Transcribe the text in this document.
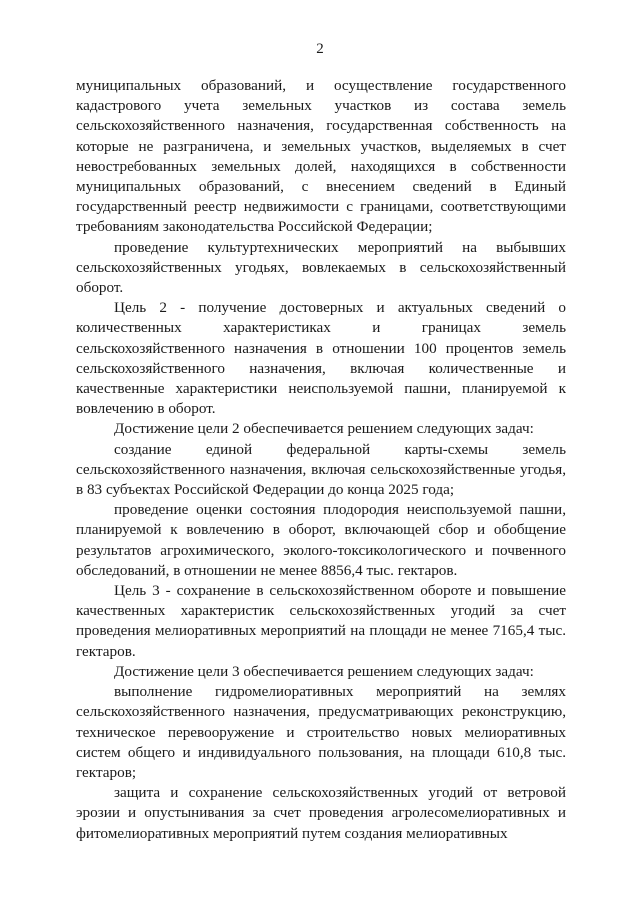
2

муниципальных образований, и осуществление государственного кадастрового учета земельных участков из состава земель сельскохозяйственного назначения, государственная собственность на которые не разграничена, и земельных участков, выделяемых в счет невостребованных земельных долей, находящихся в собственности муниципальных образований, с внесением сведений в Единый государственный реестр недвижимости с границами, соответствующими требованиям законодательства Российской Федерации;

проведение культуртехнических мероприятий на выбывших сельскохозяйственных угодьях, вовлекаемых в сельскохозяйственный оборот.

Цель 2 - получение достоверных и актуальных сведений о количественных характеристиках и границах земель сельскохозяйственного назначения в отношении 100 процентов земель сельскохозяйственного назначения, включая количественные и качественные характеристики неиспользуемой пашни, планируемой к вовлечению в оборот.

Достижение цели 2 обеспечивается решением следующих задач:

создание единой федеральной карты-схемы земель сельскохозяйственного назначения, включая сельскохозяйственные угодья, в 83 субъектах Российской Федерации до конца 2025 года;

проведение оценки состояния плодородия неиспользуемой пашни, планируемой к вовлечению в оборот, включающей сбор и обобщение результатов агрохимического, эколого-токсикологического и почвенного обследований, в отношении не менее 8856,4 тыс. гектаров.

Цель 3 - сохранение в сельскохозяйственном обороте и повышение качественных характеристик сельскохозяйственных угодий за счет проведения мелиоративных мероприятий на площади не менее 7165,4 тыс. гектаров.

Достижение цели 3 обеспечивается решением следующих задач:

выполнение гидромелиоративных мероприятий на землях сельскохозяйственного назначения, предусматривающих реконструкцию, техническое перевооружение и строительство новых мелиоративных систем общего и индивидуального пользования, на площади 610,8 тыс. гектаров;

защита и сохранение сельскохозяйственных угодий от ветровой эрозии и опустынивания за счет проведения агролесомелиоративных и фитомелиоративных мероприятий путем создания мелиоративных
